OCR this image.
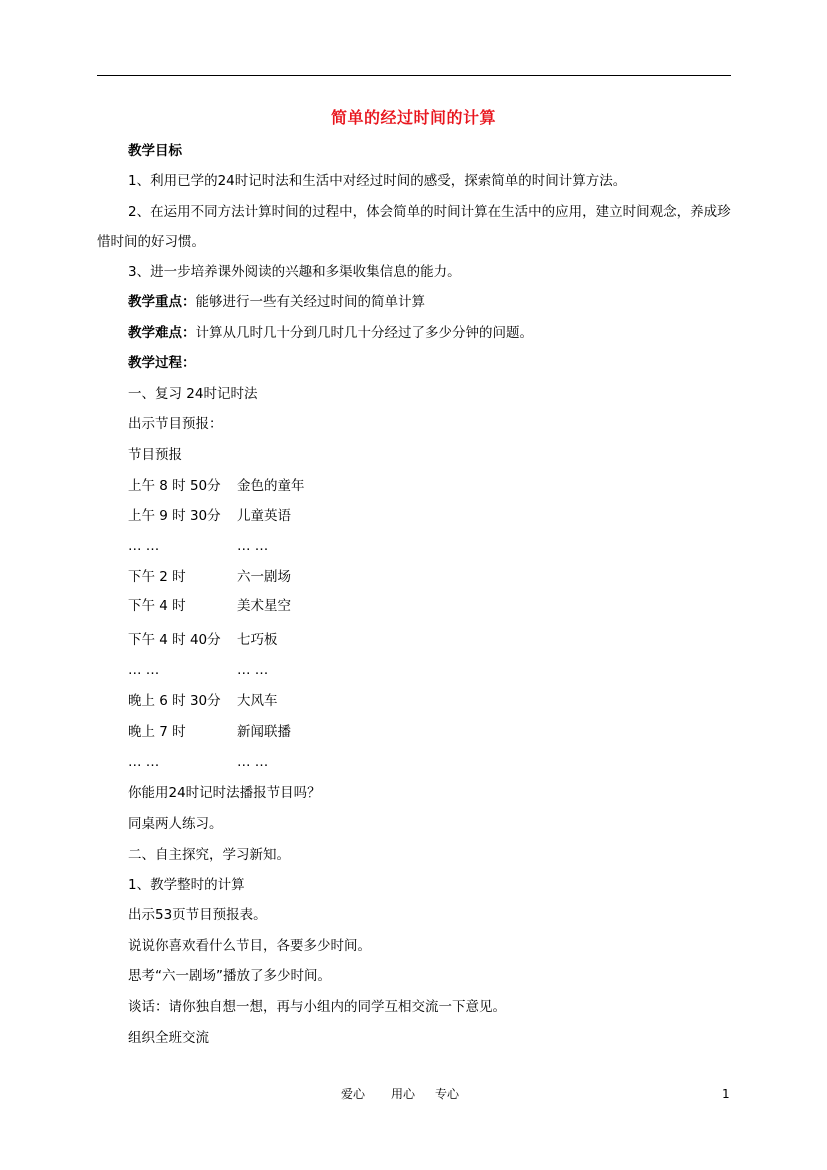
简单的经过时间的计算
教学目标
1、利用已学的24时记时法和生活中对经过时间的感受，探索简单的时间计算方法。
2、在运用不同方法计算时间的过程中，体会简单的时间计算在生活中的应用，建立时间观念，养成珍惜时间的好习惯。
3、进一步培养课外阅读的兴趣和多渠收集信息的能力。
教学重点：能够进行一些有关经过时间的简单计算
教学难点：计算从几时几十分到几时几十分经过了多少分钟的问题。
教学过程：
一、复习 24时记时法
出示节目预报：
节目预报
上午 8 时 50分 金色的童年
上午 9 时 30分 儿童英语
… …	… …
下午 2 时	六一剧场
下午 4 时	美术星空
下午 4 时 40分 七巧板
… …	… …
晚上 6 时 30分 大风车
晚上 7 时	新闻联播
… …	… …
你能用24时记时法播报节目吗？
同桌两人练习。
二、自主探究，学习新知。
1、教学整时的计算
出示53页节目预报表。
说说你喜欢看什么节目，各要多少时间。
思考“六一剧场”播放了多少时间。
谈话：请你独自想一想，再与小组内的同学互相交流一下意见。
组织全班交流
爱心 用心 专心	1
